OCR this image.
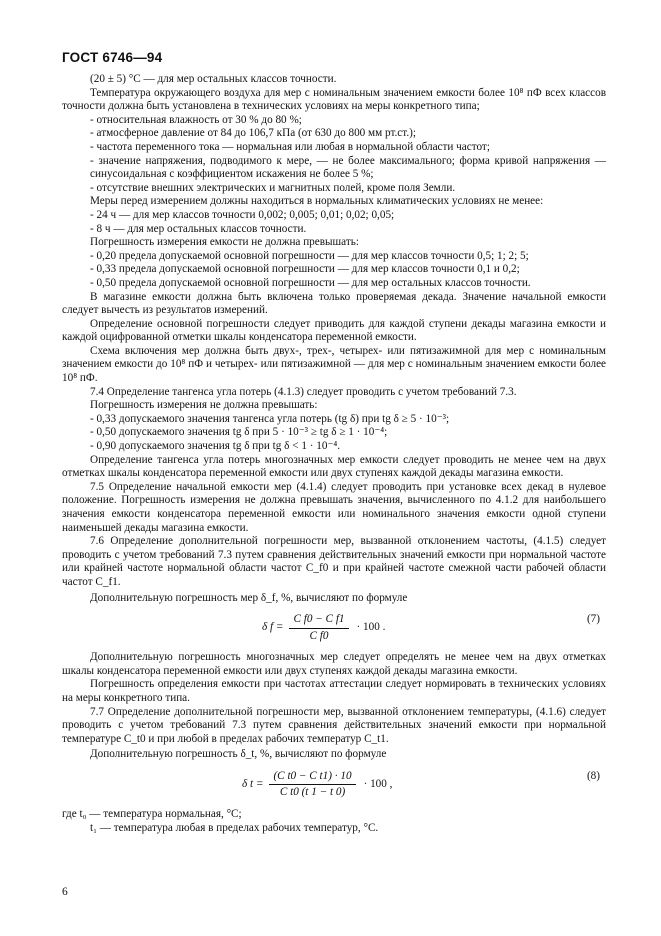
ГОСТ 6746—94

(20 ± 5) °С — для мер остальных классов точности.

Температура окружающего воздуха для мер с номинальным значением емкости более 10⁸ пФ всех классов точности должна быть установлена в технических условиях на меры конкретного типа;

- относительная влажность от 30 % до 80 %;

- атмосферное давление от 84 до 106,7 кПа (от 630 до 800 мм рт.ст.);

- частота переменного тока — нормальная или любая в нормальной области частот;

- значение напряжения, подводимого к мере, — не более максимального; форма кривой напряжения — синусоидальная с коэффициентом искажения не более 5 %;

- отсутствие внешних электрических и магнитных полей, кроме поля Земли.

Меры перед измерением должны находиться в нормальных климатических условиях не менее:

- 24 ч — для мер классов точности 0,002; 0,005; 0,01; 0,02; 0,05;

- 8 ч — для мер остальных классов точности.

Погрешность измерения емкости не должна превышать:

- 0,20 предела допускаемой основной погрешности — для мер классов точности 0,5; 1; 2; 5;

- 0,33 предела допускаемой основной погрешности — для мер классов точности 0,1 и 0,2;

- 0,50 предела допускаемой основной погрешности — для мер остальных классов точности.

В магазине емкости должна быть включена только проверяемая декада. Значение начальной емкости следует вычесть из результатов измерений.

Определение основной погрешности следует приводить для каждой ступени декады магазина емкости и каждой оцифрованной отметки шкалы конденсатора переменной емкости.

Схема включения мер должна быть двух-, трех-, четырех- или пятизажимной для мер с номинальным значением емкости до 10⁸ пФ и четырех- или пятизажимной — для мер с номинальным значением емкости более 10⁸ пФ.

7.4 Определение тангенса угла потерь (4.1.3) следует проводить с учетом требований 7.3.

Погрешность измерения не должна превышать:

- 0,33 допускаемого значения тангенса угла потерь (tg δ) при tg δ ≥ 5 · 10⁻³;

- 0,50 допускаемого значения tg δ при 5 · 10⁻³ ≥ tg δ ≥ 1 · 10⁻⁴;

- 0,90 допускаемого значения tg δ при tg δ < 1 · 10⁻⁴.

Определение тангенса угла потерь многозначных мер емкости следует проводить не менее чем на двух отметках шкалы конденсатора переменной емкости или двух ступенях каждой декады магазина емкости.

7.5 Определение начальной емкости мер (4.1.4) следует проводить при установке всех декад в нулевое положение. Погрешность измерения не должна превышать значения, вычисленного по 4.1.2 для наибольшего значения емкости конденсатора переменной емкости или номинального значения емкости одной ступени наименьшей декады магазина емкости.

7.6 Определение дополнительной погрешности мер, вызванной отклонением частоты, (4.1.5) следует проводить с учетом требований 7.3 путем сравнения действительных значений емкости при нормальной частоте или крайней частоте нормальной области частот C_f0 и при крайней частоте смежной части рабочей области частот C_f1.

Дополнительную погрешность мер δ_f, %, вычисляют по формуле

δ $f = \frac{\text{C f0 − C f1}}{\text{C f0}} \cdot 100$ .
(7)

Дополнительную погрешность многозначных мер следует определять не менее чем на двух отметках шкалы конденсатора переменной емкости или двух ступенях каждой декады магазина емкости.

Погрешность определения емкости при частотах аттестации следует нормировать в технических условиях на меры конкретного типа.

7.7 Определение дополнительной погрешности мер, вызванной отклонением температуры, (4.1.6) следует проводить с учетом требований 7.3 путем сравнения действительных значений емкости при нормальной температуре C_t0 и при любой в пределах рабочих температур C_t1.

Дополнительную погрешность δ_t, %, вычисляют по формуле

δ $t = \frac{\text{(C t0 − C t1) · 10}}{\text{C t0 (t 1 − t 0)}} \cdot 100$ ,
(8)

где t₀ — температура нормальная, °С;

t₁ — температура любая в пределах рабочих температур, °С.

6
